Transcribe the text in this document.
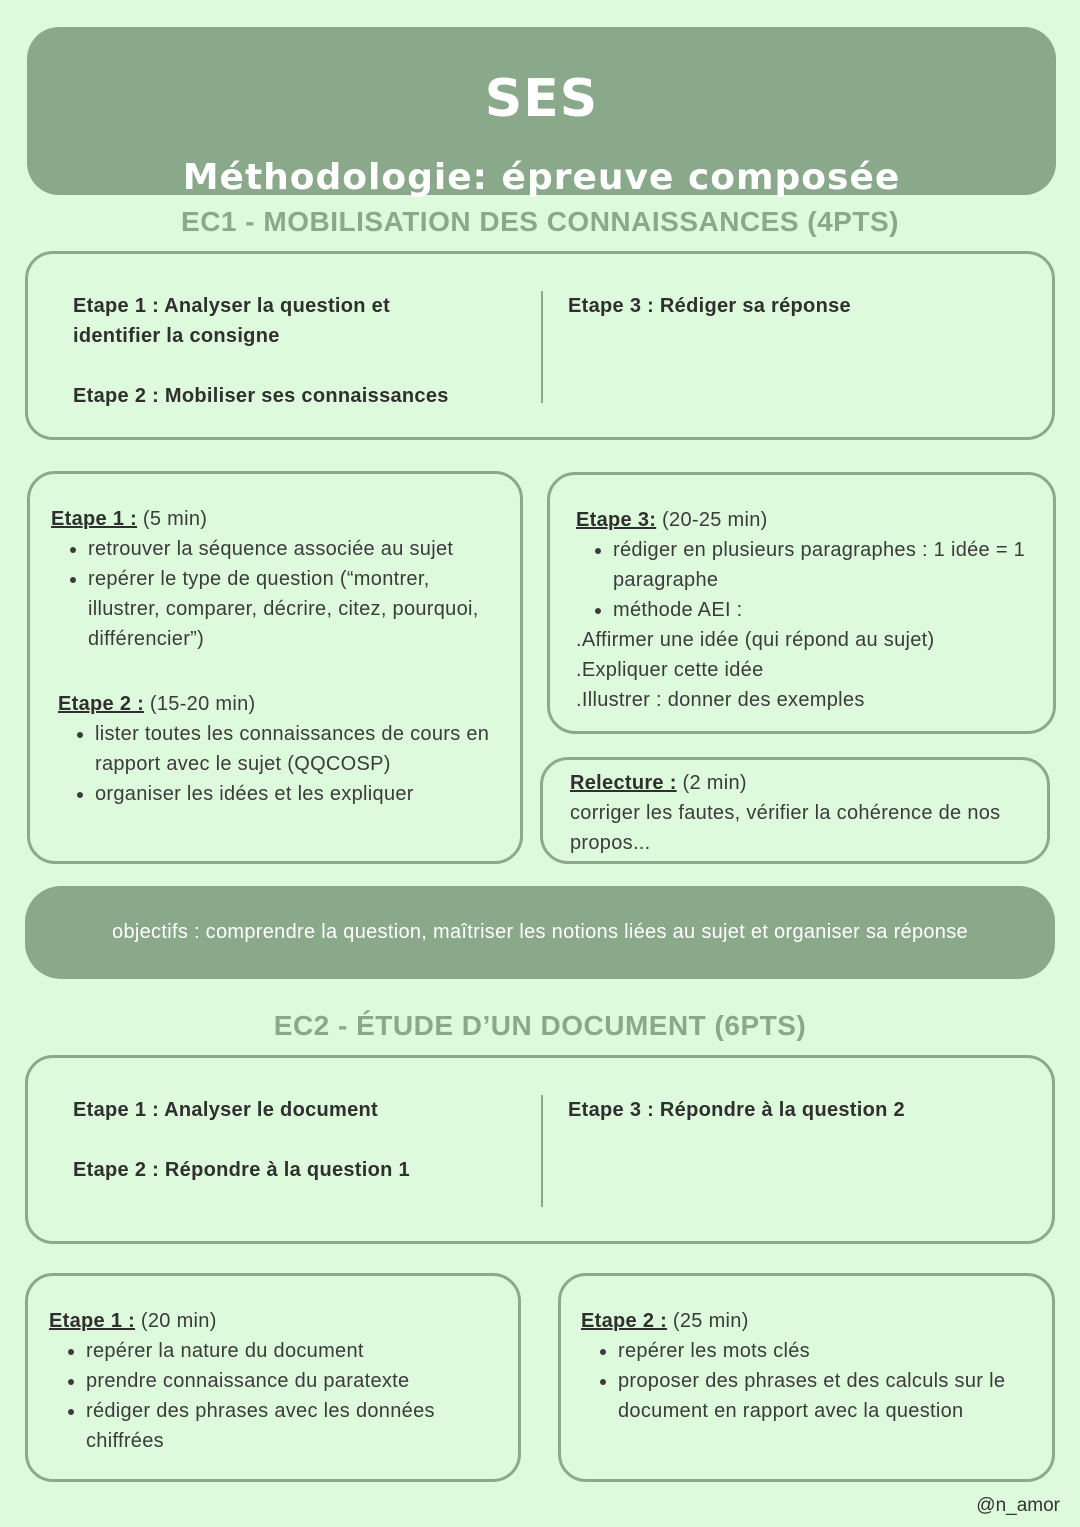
SES
Méthodologie: épreuve composée
EC1 - MOBILISATION DES CONNAISSANCES (4PTS)
Etape 1 : Analyser la question et
identifier la consigne
Etape 2 : Mobiliser ses connaissances
Etape 3 : Rédiger sa réponse
Etape 1 : (5 min)
• retrouver la séquence associée au sujet
• repérer le type de question (“montrer, illustrer, comparer, décrire, citez, pourquoi, différencier”)
Etape 2 : (15-20 min)
• lister toutes les connaissances de cours en rapport avec le sujet (QQCOSP)
• organiser les idées et les expliquer
Etape 3: (20-25 min)
• rédiger en plusieurs paragraphes : 1 idée = 1 paragraphe
• méthode AEI :
.Affirmer une idée (qui répond au sujet)
.Expliquer cette idée
.Illustrer : donner des exemples
Relecture : (2 min)
corriger les fautes, vérifier la cohérence de nos propos...
objectifs : comprendre la question, maîtriser les notions liées au sujet et organiser sa réponse
EC2 - ÉTUDE D’UN DOCUMENT (6PTS)
Etape 1 : Analyser le document
Etape 2 : Répondre à la question 1
Etape 3 : Répondre à la question 2
Etape 1 : (20 min)
• repérer la nature du document
• prendre connaissance du paratexte
• rédiger des phrases avec les données chiffrées
Etape 2 : (25 min)
• repérer les mots clés
• proposer des phrases et des calculs sur le document en rapport avec la question
@n_amor
